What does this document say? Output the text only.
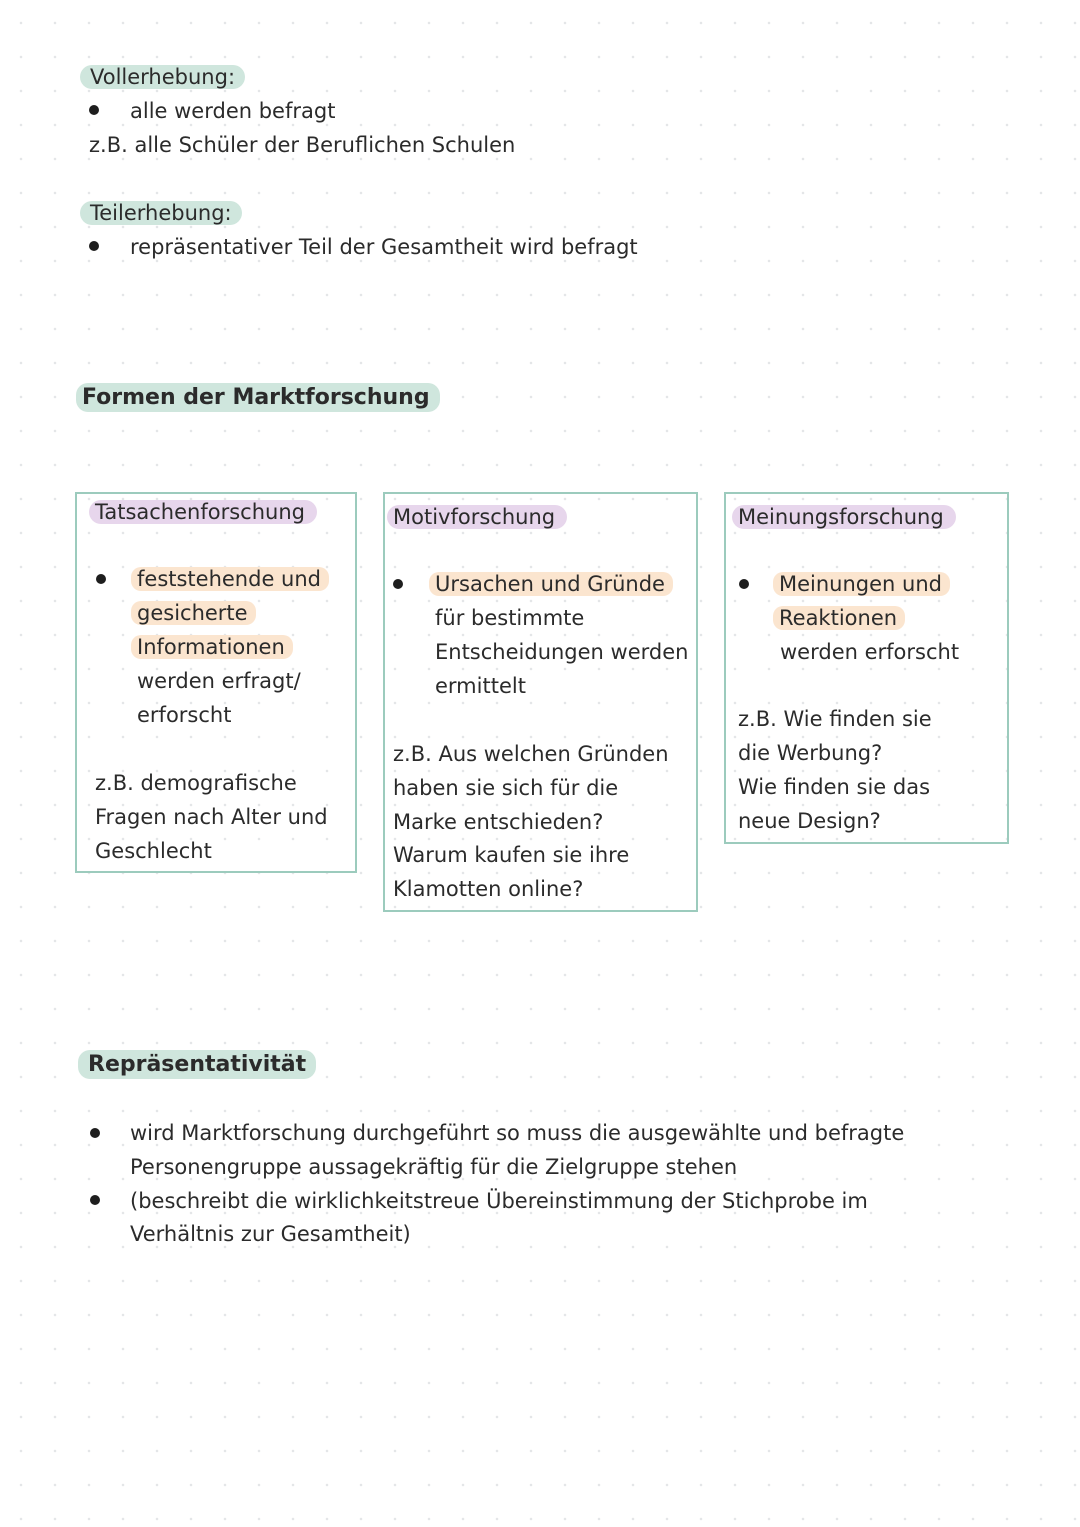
Vollerhebung:
alle werden befragt
z.B. alle Schüler der Beruflichen Schulen
Teilerhebung:
repräsentativer Teil der Gesamtheit wird befragt
Formen der Marktforschung
Tatsachenforschung
feststehende und
gesicherte
Informationen
werden erfragt/
erforscht
z.B. demografische
Fragen nach Alter und
Geschlecht
Motivforschung
Ursachen und Gründe
für bestimmte
Entscheidungen werden
ermittelt
z.B. Aus welchen Gründen
haben sie sich für die
Marke entschieden?
Warum kaufen sie ihre
Klamotten online?
Meinungsforschung
Meinungen und
Reaktionen
werden erforscht
z.B. Wie finden sie
die Werbung?
Wie finden sie das
neue Design?
Repräsentativität
wird Marktforschung durchgeführt so muss die ausgewählte und befragte
Personengruppe aussagekräftig für die Zielgruppe stehen
(beschreibt die wirklichkeitstreue Übereinstimmung der Stichprobe im
Verhältnis zur Gesamtheit)
